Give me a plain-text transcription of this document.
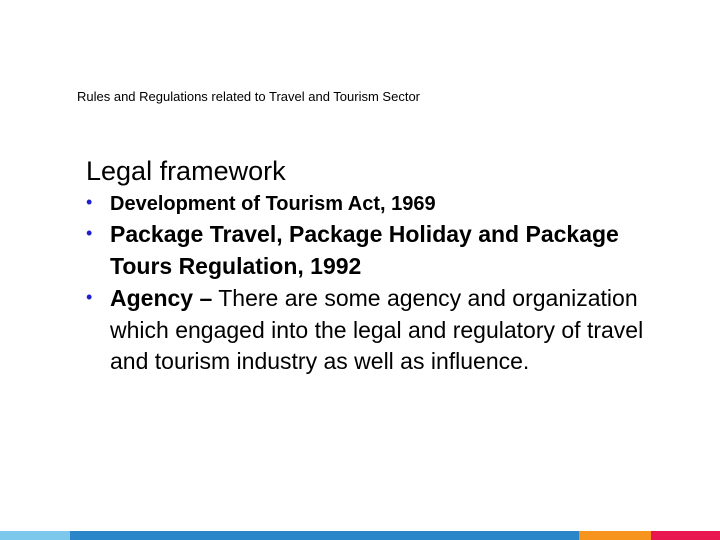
Rules and Regulations related to Travel and Tourism Sector
Legal framework
• Development of Tourism Act, 1969
• Package Travel, Package Holiday and Package Tours Regulation, 1992
• Agency – There are some agency and organization which engaged into the legal and regulatory of travel and tourism industry as well as influence.
